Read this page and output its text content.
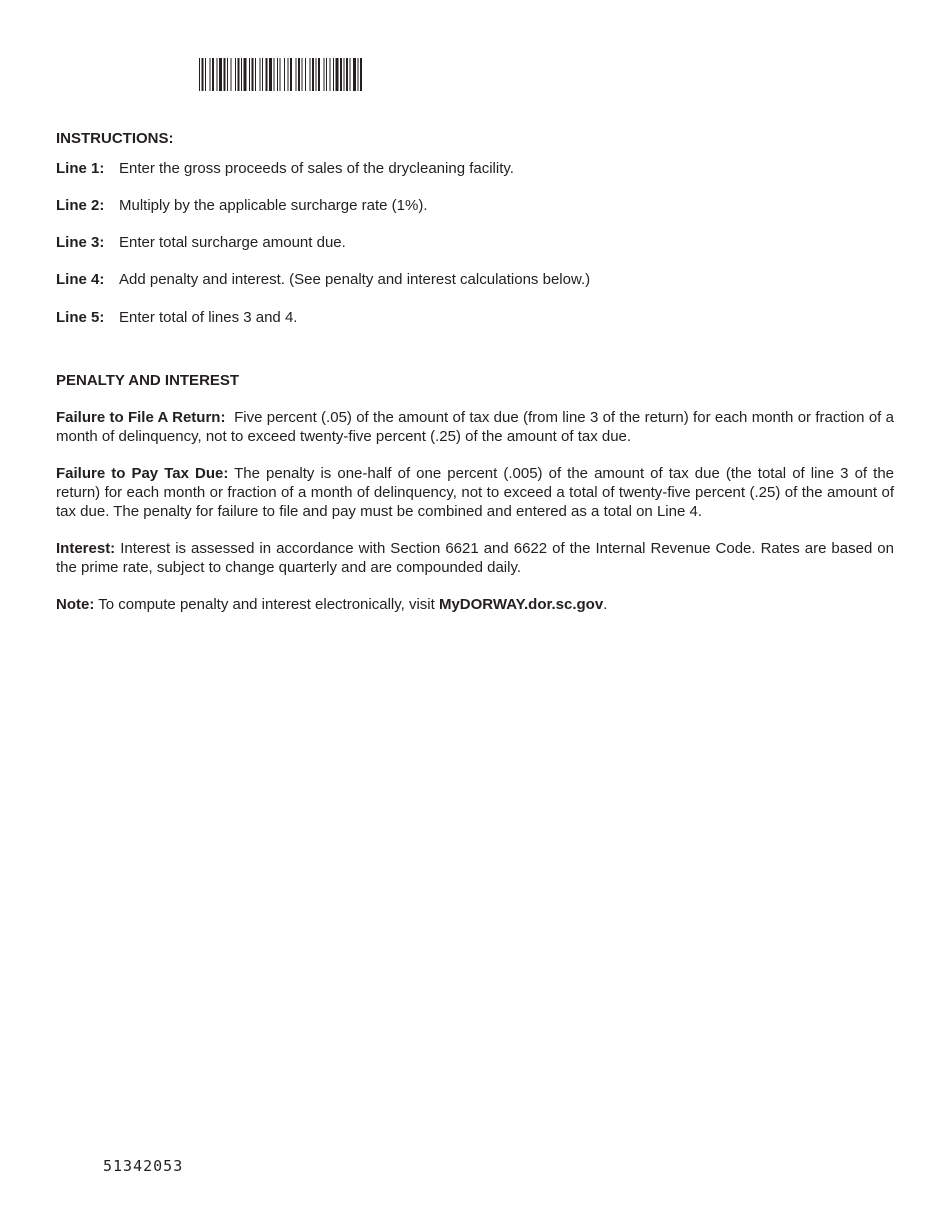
INSTRUCTIONS:
Line 1: Enter the gross proceeds of sales of the drycleaning facility.
Line 2: Multiply by the applicable surcharge rate (1%).
Line 3: Enter total surcharge amount due.
Line 4: Add penalty and interest. (See penalty and interest calculations below.)
Line 5: Enter total of lines 3 and 4.
PENALTY AND INTEREST

Failure to File A Return: Five percent (.05) of the amount of tax due (from line 3 of the return) for each month or fraction of a month of delinquency, not to exceed twenty-five percent (.25) of the amount of tax due.

Failure to Pay Tax Due: The penalty is one-half of one percent (.005) of the amount of tax due (the total of line 3 of the return) for each month or fraction of a month of delinquency, not to exceed a total of twenty-five percent (.25) of the amount of tax due. The penalty for failure to file and pay must be combined and entered as a total on Line 4.

Interest: Interest is assessed in accordance with Section 6621 and 6622 of the Internal Revenue Code. Rates are based on the prime rate, subject to change quarterly and are compounded daily.

Note: To compute penalty and interest electronically, visit MyDORWAY.dor.sc.gov.

51342053
